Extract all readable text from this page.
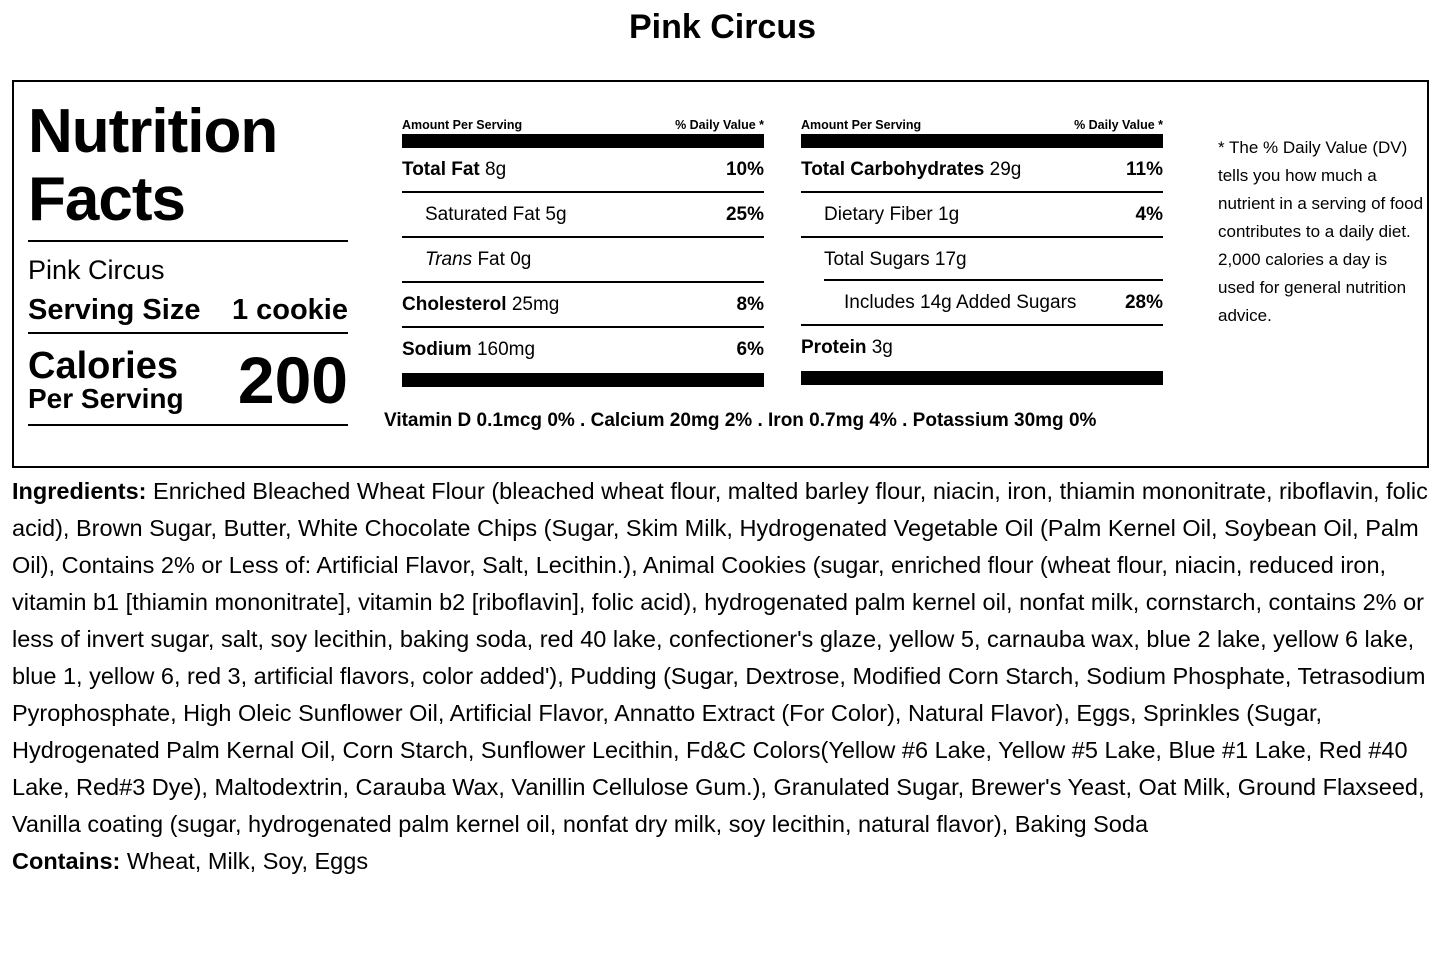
Pink Circus
Nutrition
Facts
Pink Circus
Serving Size 1 cookie
Calories
Per Serving 200
Amount Per Serving	% Daily Value *
Total Fat 8g	10%
Saturated Fat 5g	25%
Trans Fat 0g
Cholesterol 25mg	8%
Sodium 160mg	6%
Amount Per Serving	% Daily Value *
Total Carbohydrates 29g	11%
Dietary Fiber 1g	4%
Total Sugars 17g
Includes 14g Added Sugars	28%
Protein 3g
Vitamin D 0.1mcg 0% . Calcium 20mg 2% . Iron 0.7mg 4% . Potassium 30mg 0%
* The % Daily Value (DV) tells you how much a nutrient in a serving of food contributes to a daily diet. 2,000 calories a day is used for general nutrition advice.
Ingredients: Enriched Bleached Wheat Flour (bleached wheat flour, malted barley flour, niacin, iron, thiamin mononitrate, riboflavin, folic acid), Brown Sugar, Butter, White Chocolate Chips (Sugar, Skim Milk, Hydrogenated Vegetable Oil (Palm Kernel Oil, Soybean Oil, Palm Oil), Contains 2% or Less of: Artificial Flavor, Salt, Lecithin.), Animal Cookies (sugar, enriched flour (wheat flour, niacin, reduced iron, vitamin b1 [thiamin mononitrate], vitamin b2 [riboflavin], folic acid), hydrogenated palm kernel oil, nonfat milk, cornstarch, contains 2% or less of invert sugar, salt, soy lecithin, baking soda, red 40 lake, confectioner's glaze, yellow 5, carnauba wax, blue 2 lake, yellow 6 lake, blue 1, yellow 6, red 3, artificial flavors, color added'), Pudding (Sugar, Dextrose, Modified Corn Starch, Sodium Phosphate, Tetrasodium Pyrophosphate, High Oleic Sunflower Oil, Artificial Flavor, Annatto Extract (For Color), Natural Flavor), Eggs, Sprinkles (Sugar, Hydrogenated Palm Kernal Oil, Corn Starch, Sunflower Lecithin, Fd&C Colors(Yellow #6 Lake, Yellow #5 Lake, Blue #1 Lake, Red #40 Lake, Red#3 Dye), Maltodextrin, Carauba Wax, Vanillin Cellulose Gum.), Granulated Sugar, Brewer's Yeast, Oat Milk, Ground Flaxseed, Vanilla coating (sugar, hydrogenated palm kernel oil, nonfat dry milk, soy lecithin, natural flavor), Baking Soda
Contains: Wheat, Milk, Soy, Eggs
